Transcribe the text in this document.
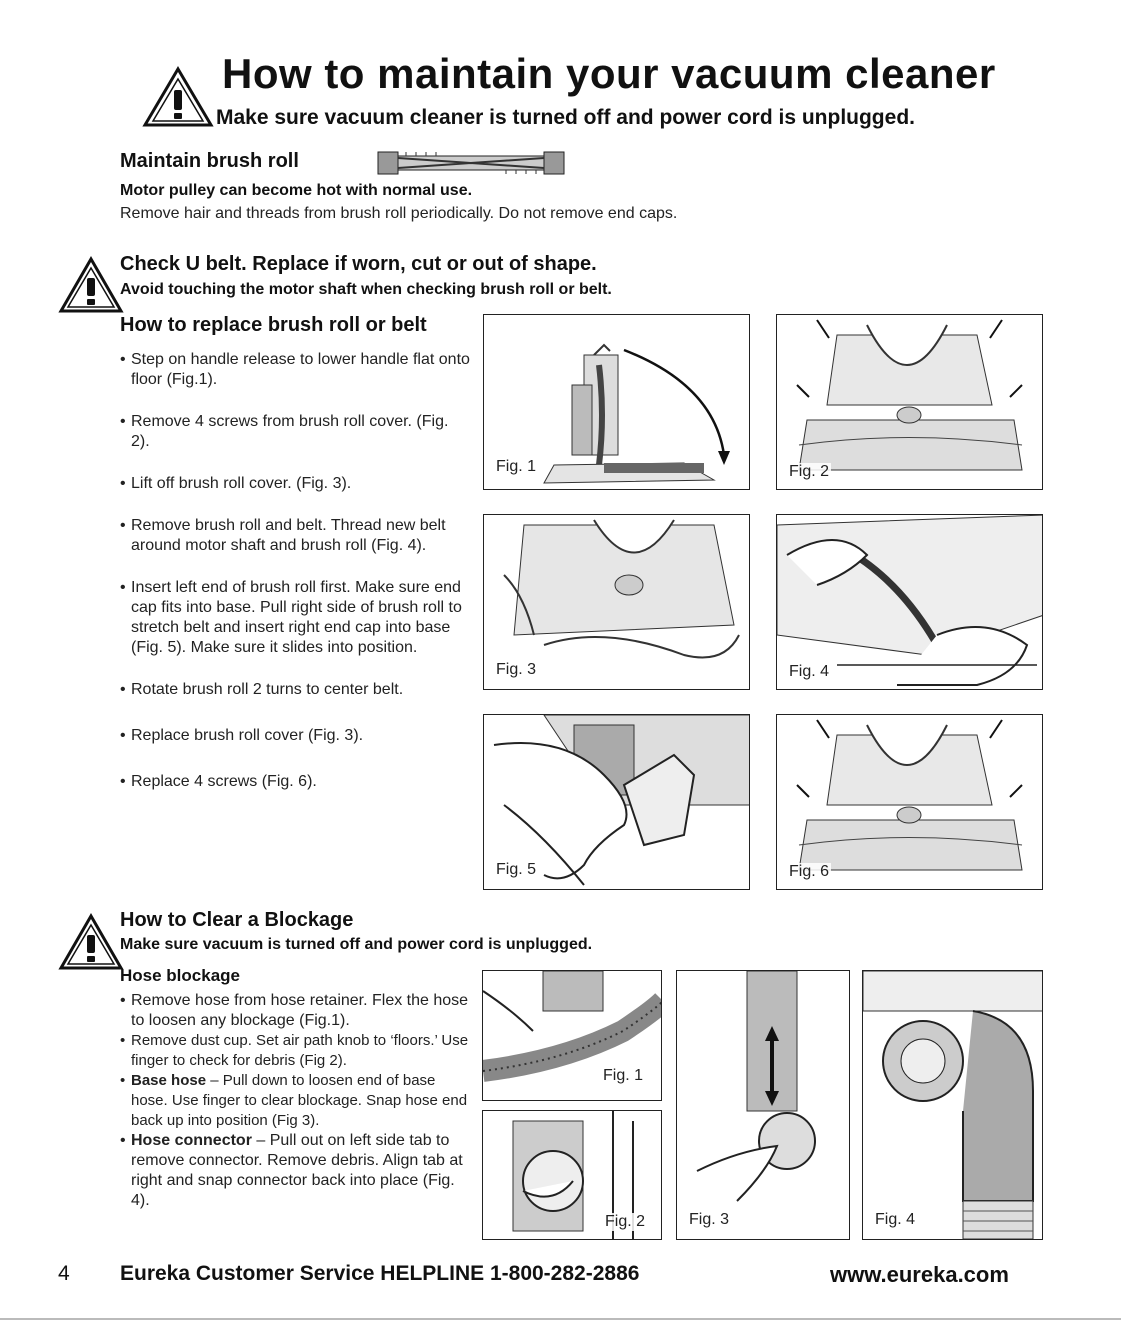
How to maintain your vacuum cleaner
Make sure vacuum cleaner is turned off and power cord is unplugged.
Maintain brush roll
Motor pulley can become hot with normal use.
Remove hair and threads from brush roll periodically. Do not remove end caps.
Check U belt. Replace if worn, cut or out of shape.
Avoid touching the motor shaft when checking brush roll or belt.
How to replace brush roll or belt
• Step on handle release to lower handle flat onto floor (Fig.1).
• Remove 4 screws from brush roll cover. (Fig. 2).
• Lift off brush roll cover. (Fig. 3).
• Remove brush roll and belt. Thread new belt around motor shaft and brush roll (Fig. 4).
• Insert left end of brush roll first. Make sure end cap fits into base. Pull right side of brush roll to stretch belt and insert right end cap into base (Fig. 5). Make sure it slides into position.
• Rotate brush roll 2 turns to center belt.
• Replace brush roll cover (Fig. 3).
• Replace 4 screws (Fig. 6).
Fig. 1	Fig. 2
Fig. 3	Fig. 4
Fig. 5	Fig. 6
How to Clear a Blockage
Make sure vacuum is turned off and power cord is unplugged.
Hose blockage
• Remove hose from hose retainer. Flex the hose to loosen any blockage (Fig.1).
• Remove dust cup. Set air path knob to ‘floors.’ Use finger to check for debris (Fig 2).
• Base hose – Pull down to loosen end of base hose. Use finger to clear blockage. Snap hose end back up into position (Fig 3).
• Hose connector – Pull out on left side tab to remove connector. Remove debris. Align tab at right and snap connector back into place (Fig. 4).
Fig. 1
Fig. 2	Fig. 3	Fig. 4
4 Eureka Customer Service HELPLINE 1-800-282-2886	www.eureka.com
